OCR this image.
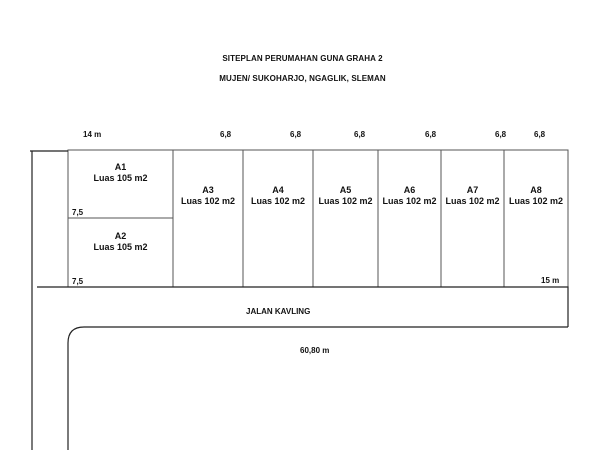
SITEPLAN PERUMAHAN GUNA GRAHA 2
MUJEN/ SUKOHARJO, NGAGLIK, SLEMAN
14 m	6,8	6,8	6,8	6,8	6,8	6,8
7,5
7,5	15 m
60,80 m
JALAN KAVLING
A1
Luas 105 m2
A2
Luas 105 m2
A3
Luas 102 m2
A4
Luas 102 m2
A5
Luas 102 m2
A6
Luas 102 m2
A7
Luas 102 m2
A8
Luas 102 m2
